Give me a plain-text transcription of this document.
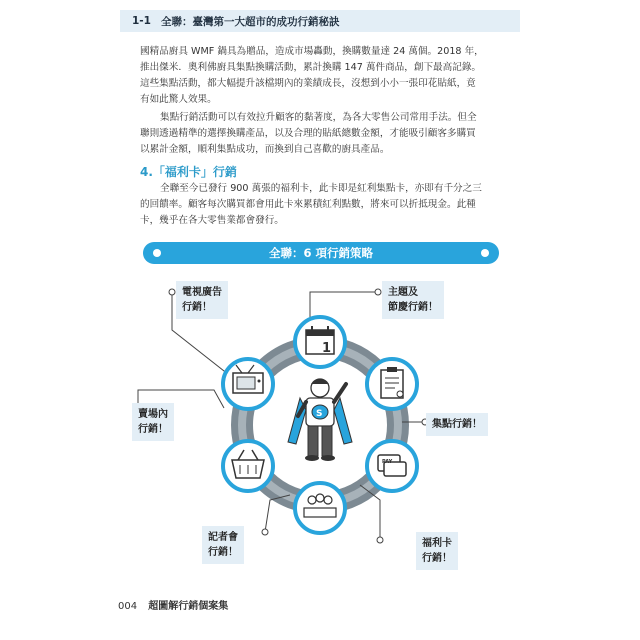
1-1 全聯：臺灣第一大超市的成功行銷秘訣

國精品廚具 WMF 鍋具為贈品，造成市場轟動，換購數量達 24 萬個。2018 年，

推出傑米．奧利佛廚具集點換購活動，累計換購 147 萬件商品，創下最高記錄。

這些集點活動，都大幅提升該檔期內的業績成長，沒想到小小一張印花貼紙，竟

有如此驚人效果。

集點行銷活動可以有效拉升顧客的黏著度，為各大零售公司常用手法。但全

聯則透過精準的選擇換購產品，以及合理的貼紙總數金額，才能吸引顧客多購買

以累計金額，順利集點成功，而換到自己喜歡的廚具產品。

4.「福利卡」行銷

全聯至今已發行 900 萬張的福利卡，此卡即是紅利集點卡，亦即有千分之三

的回饋率。顧客每次購買都會用此卡來累積紅利點數，將來可以折抵現金。此種

卡，幾乎在各大零售業都會發行。

全聯：6 項行銷策略
1
PAY
S
電視廣告
行銷！
主題及
節慶行銷！
賣場內
行銷！	集點行銷！
記者會
行銷！
福利卡
行銷！
004 超圖解行銷個案集
